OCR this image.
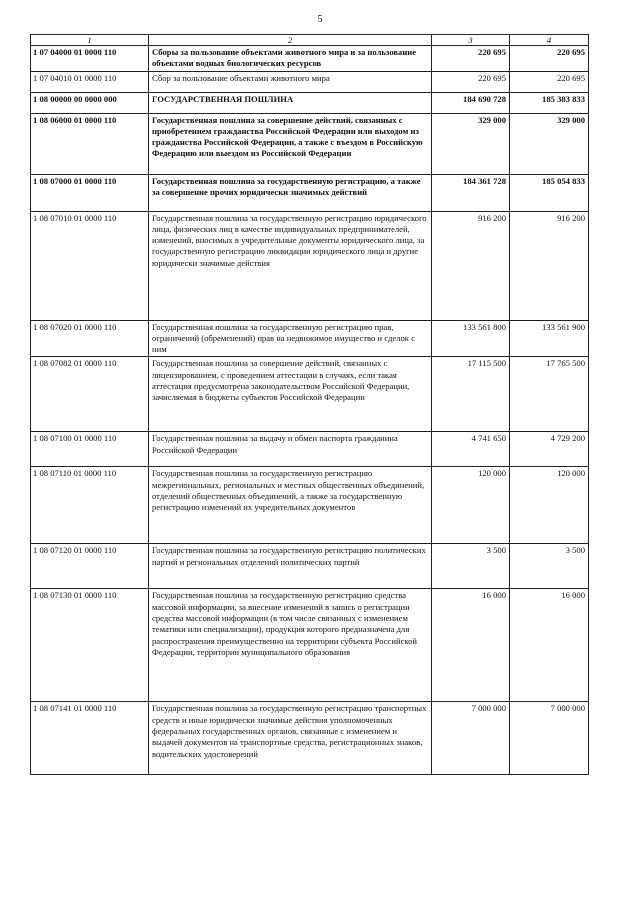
5
1	2	3	4
1 07 04000 01 0000 110	Сборы за пользование объектами животного мира и за пользование объектами водных биологических ресурсов	220 695	220 695
1 07 04010 01 0000 110	Сбор за пользование объектами животного мира	220 695	220 695
1 08 00000 00 0000 000	ГОСУДАРСТВЕННАЯ ПОШЛИНА	184 690 728	185 383 833
1 08 06000 01 0000 110	Государственная пошлина за совершение действий, связанных с приобретением гражданства Российской Федерации или выходом из гражданства Российской Федерации, а также с въездом в Российскую Федерацию или выездом из Российской Федерации	329 000	329 000
1 08 07000 01 0000 110	Государственная пошлина за государственную регистрацию, а также за совершение прочих юридически значимых действий	184 361 728	185 054 833
1 08 07010 01 0000 110	Государственная пошлина за государственную регистрацию юридического лица, физических лиц в качестве индивидуальных предпринимателей, изменений, вносимых в учредительные документы юридического лица, за государственную регистрацию ликвидации юридического лица и другие юридически значимые действия	916 200	916 200
1 08 07020 01 0000 110	Государственная пошлина за государственную регистрацию прав, ограничений (обременений) прав на недвижимое имущество и сделок с ним	133 561 800	133 561 900
1 08 07082 01 0000 110	Государственная пошлина за совершение действий, связанных с лицензированием, с проведением аттестации в случаях, если такая аттестация предусмотрена законодательством Российской Федерации, зачисляемая в бюджеты субъектов Российской Федерации	17 115 500	17 765 500
1 08 07100 01 0000 110	Государственная пошлина за выдачу и обмен паспорта гражданина Российской Федерации	4 741 650	4 729 200
1 08 07110 01 0000 110	Государственная пошлина за государственную регистрацию межрегиональных, региональных и местных общественных объединений, отделений общественных объединений, а также за государственную регистрацию изменений их учредительных документов	120 000	120 000
1 08 07120 01 0000 110	Государственная пошлина за государственную регистрацию политических партий и региональных отделений политических партий	3 500	3 500
1 08 07130 01 0000 110	Государственная пошлина за государственную регистрацию средства массовой информации, за внесение изменений в запись о регистрации средства массовой информации (в том числе связанных с изменением тематики или специализации), продукция которого предназначена для распространения преимущественно на территории субъекта Российской Федерации, территории муниципального образования	16 000	16 000
1 08 07141 01 0000 110	Государственная пошлина за государственную регистрацию транспортных средств и иные юридически значимые действия уполномоченных федеральных государственных органов, связанные с изменением и выдачей документов на транспортные средства, регистрационных знаков, водительских удостоверений	7 000 000	7 000 000
